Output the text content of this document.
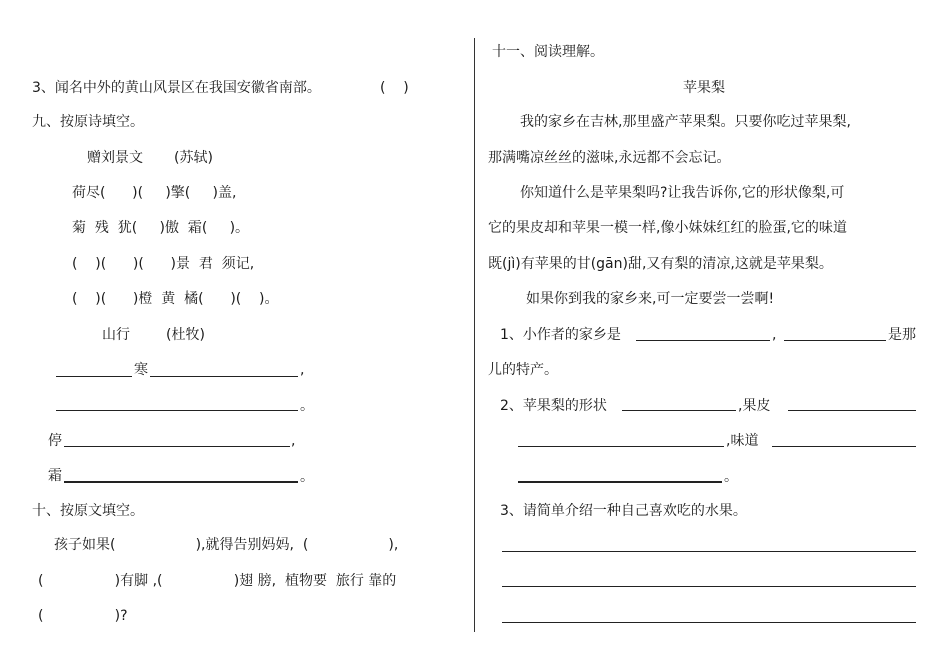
3、闻名中外的黄山风景区在我国安徽省南部。	(    )
九、按原诗填空。
赠刘景文 (苏轼)
荷尽(      )(     )擎(     )盖,
菊  残  犹(     )傲  霜(     )。
(    )(      )(      )景  君  须记,
(    )(      )橙  黄  橘(      )(    )。
山行	(杜牧)
寒	,
。
停	,
霜	。
十、按原文填空。
孩子如果(                  ),就得告别妈妈,  (                  ),
(                )有脚 ,(                )翅 膀,  植物要  旅行 靠的
(                )?
十一、阅读理解。
苹果梨
我的家乡在吉林,那里盛产苹果梨。只要你吃过苹果梨,
那满嘴凉丝丝的滋味,永远都不会忘记。
你知道什么是苹果梨吗?让我告诉你,它的形状像梨,可
它的果皮却和苹果一模一样,像小妹妹红红的脸蛋,它的味道
既(jì)有苹果的甘(gān)甜,又有梨的清凉,这就是苹果梨。
如果你到我的家乡来,可一定要尝一尝啊!
1、小作者的家乡是	,	是那
儿的特产。
2、苹果梨的形状	,果皮
,味道
。
3、请简单介绍一种自己喜欢吃的水果。
